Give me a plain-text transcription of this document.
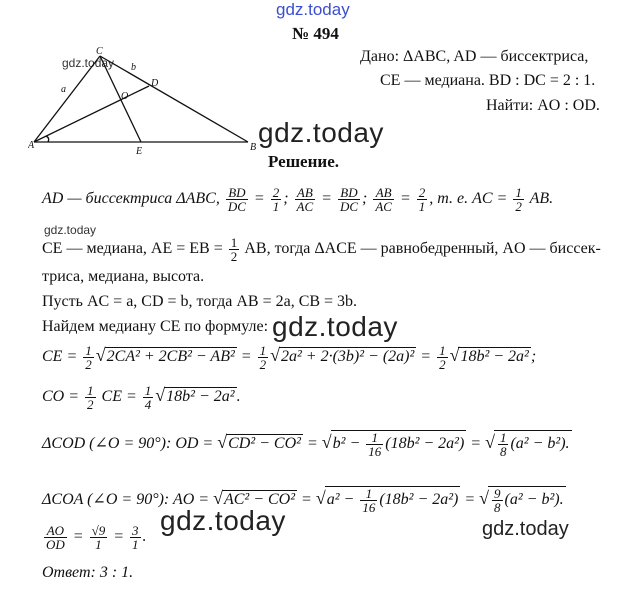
gdz.today
gdz.today
gdz.today
gdz.today
gdz.today
gdz.today	gdz.today
№ 494
C
A	B
D
E
O
a
b
Дано: ΔABC, AD — биссектриса,
CE — медиана. BD : DC = 2 : 1.
Найти: AO : OD.
Решение.
AD — биссектриса ΔABC, $\frac{BD}{DC} = \frac{2}{1}$ ; $\frac{AB}{AC} = \frac{BD}{DC}$ ; $\frac{AB}{AC} = \frac{2}{1}$ , т. е. AC = $\frac{1}{2}$ AB.
CE — медиана, AE = EB = $\frac{1}{2}$ AB, тогда ΔACE — равнобедренный, AO — биссек-
триса, медиана, высота.
Пусть AC = a, CD = b, тогда AB = 2a, CB = 3b.
Найдем медиану CE по формуле:
CE = $\frac{1}{2} √2CA^2 + 2CB^2 - AB^2 = \frac{1}{2} √2a^2 + 2\cdot(3b)^2 - (2a)^2 = \frac{1}{2} √18b^2 - 2a^2$ ;
CO = $\frac{1}{2}$ CE = $\frac{1}{4} √18b^2 - 2a^2$ .
ΔCOD (∠O = 90°): OD = $√CD^2 - CO^2 = √b^2 - \frac{1}{16} (18b^2 - 2a^2)$ = √ $\frac{1}{8} (a^2 - b^2)$.
ΔCOA (∠O = 90°): AO = $√AC^2 - CO^2 = √a^2 - \frac{1}{16} (18b^2 - 2a^2)$ = √ $\frac{9}{8} (a^2 - b^2)$.
$\frac{AO}{OD} = \frac{√9}{1} = \frac{3}{1}$ .
Ответ: 3 : 1.
